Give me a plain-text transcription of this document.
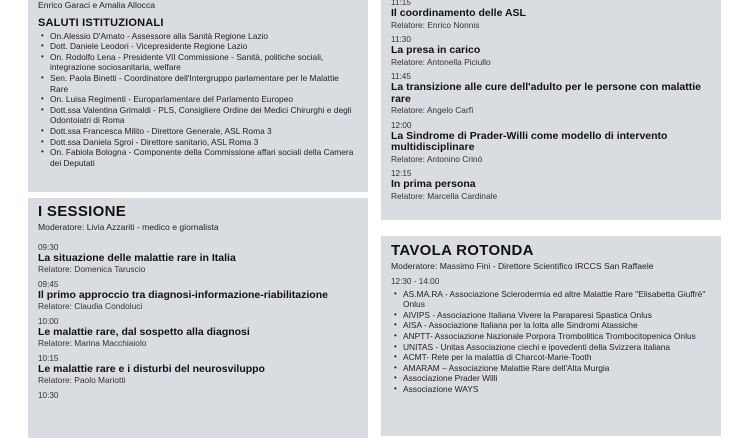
Enrico Garaci e Amalia Allocca
SALUTI ISTITUZIONALI
• On.Alessio D'Amato - Assessore alla Sanità Regione Lazio
• Dott. Daniele Leodori - Vicepresidente Regione Lazio
• On. Rodolfo Lena - Presidente VII Commissione - Sanità, politiche sociali, integrazione sociosanitaria, welfare
• Sen. Paola Binetti - Coordinatore dell'Intergruppo parlamentare per le Malattie Rare
• On. Luisa Regimenti - Europarlamentare del Parlamento Europeo
• Dott.ssa Valentina Grimaldi - PLS, Consigliere Ordine dei Medici Chirurghi e degli Odontoiatri di Roma
• Dott.ssa Francesca Milito - Direttore Generale, ASL Roma 3
• Dott.ssa Daniela Sgroi - Direttore sanitario, ASL Roma 3
• On. Fabiola Bologna - Componente della Commissione affari sociali della Camera dei Deputati
I SESSIONE
Moderatore: Livia Azzariti - medico e giornalista
09:30
La situazione delle malattie rare in Italia
Relatore: Domenica Taruscio
09:45
Il primo approccio tra diagnosi-informazione-riabilitazione
Relatore: Claudia Condoluci
10:00
Le malattie rare, dal sospetto alla diagnosi
Relatore: Marina Macchiaiolo
10:15
Le malattie rare e i disturbi del neurosviluppo
Relatore: Paolo Mariotti
10:30
11:15
Il coordinamento delle ASL
Relatore: Enrico Nonnis
11:30
La presa in carico
Relatore: Antonella Piciullo
11:45
La transizione alle cure dell'adulto per le persone con malattie rare
Relatore: Angelo Carfì
12:00
La Sindrome di Prader-Willi come modello di intervento multidisciplinare
Relatore: Antonino Crinò
12:15
In prima persona
Relatore: Marcella Cardinale
TAVOLA ROTONDA
Moderatore: Massimo Fini - Direttore Scientifico IRCCS San Raffaele
12:30 - 14:00
• AS.MA.RA - Associazione Sclerodermia ed altre Malattie Rare "Elisabetta Giuffrè" Onlus
• AIVIPS - Associazione Italiana Vivere la Paraparesi Spastica Onlus
• AISA - Associazione Italiana per la lotta alle Sindromi Atassiche
• ANPTT- Associazione Nazionale Porpora Trombolitica Trombocitopenica Onlus
• UNITAS - Unitas Associazione ciechi e ipovedenti della Svizzera italiana
• ACMT- Rete per la malattia di Charcot-Marie-Tooth
• AMARAM – Associazione Malattie Rare dell'Alta Murgia
• Associazione Prader Willi
• Associazione WAYS
